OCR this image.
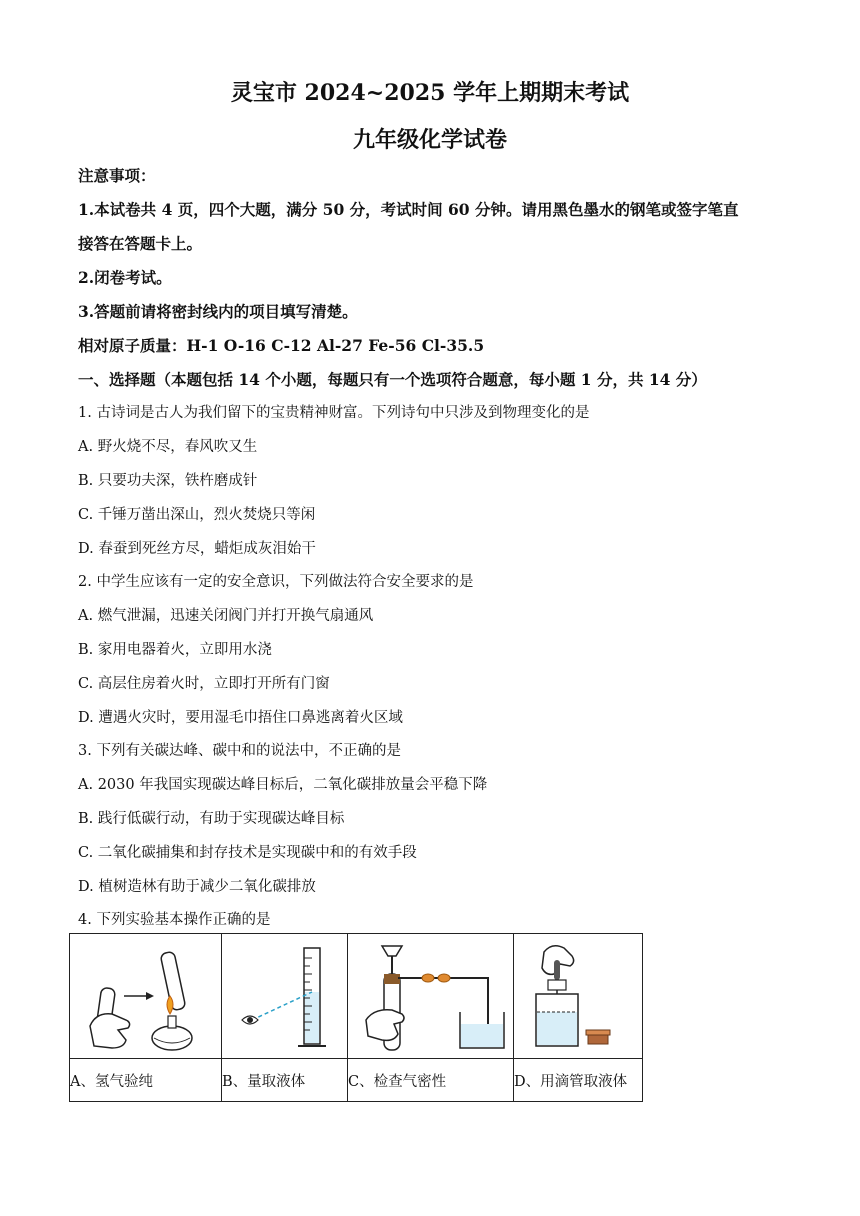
灵宝市 2024~2025 学年上期期末考试
九年级化学试卷
注意事项：
1.本试卷共 4 页，四个大题，满分 50 分，考试时间 60 分钟。请用黑色墨水的钢笔或签字笔直
接答在答题卡上。
2.闭卷考试。
3.答题前请将密封线内的项目填写清楚。
相对原子质量：H-1 O-16 C-12 Al-27 Fe-56 Cl-35.5
一、选择题（本题包括 14 个小题，每题只有一个选项符合题意，每小题 1 分，共 14 分）
1. 古诗词是古人为我们留下的宝贵精神财富。下列诗句中只涉及到物理变化的是
A. 野火烧不尽，春风吹又生
B. 只要功夫深，铁杵磨成针
C. 千锤万凿出深山，烈火焚烧只等闲
D. 春蚕到死丝方尽，蜡炬成灰泪始干
2. 中学生应该有一定的安全意识，下列做法符合安全要求的是
A. 燃气泄漏，迅速关闭阀门并打开换气扇通风
B. 家用电器着火，立即用水浇
C. 高层住房着火时，立即打开所有门窗
D. 遭遇火灾时，要用湿毛巾捂住口鼻逃离着火区域
3. 下列有关碳达峰、碳中和的说法中，不正确的是
A. 2030 年我国实现碳达峰目标后，二氧化碳排放量会平稳下降
B. 践行低碳行动，有助于实现碳达峰目标
C. 二氧化碳捕集和封存技术是实现碳中和的有效手段
D. 植树造林有助于减少二氧化碳排放
4. 下列实验基本操作正确的是

A、氢气验纯	B、量取液体	C、检查气密性	D、用滴管取液体
